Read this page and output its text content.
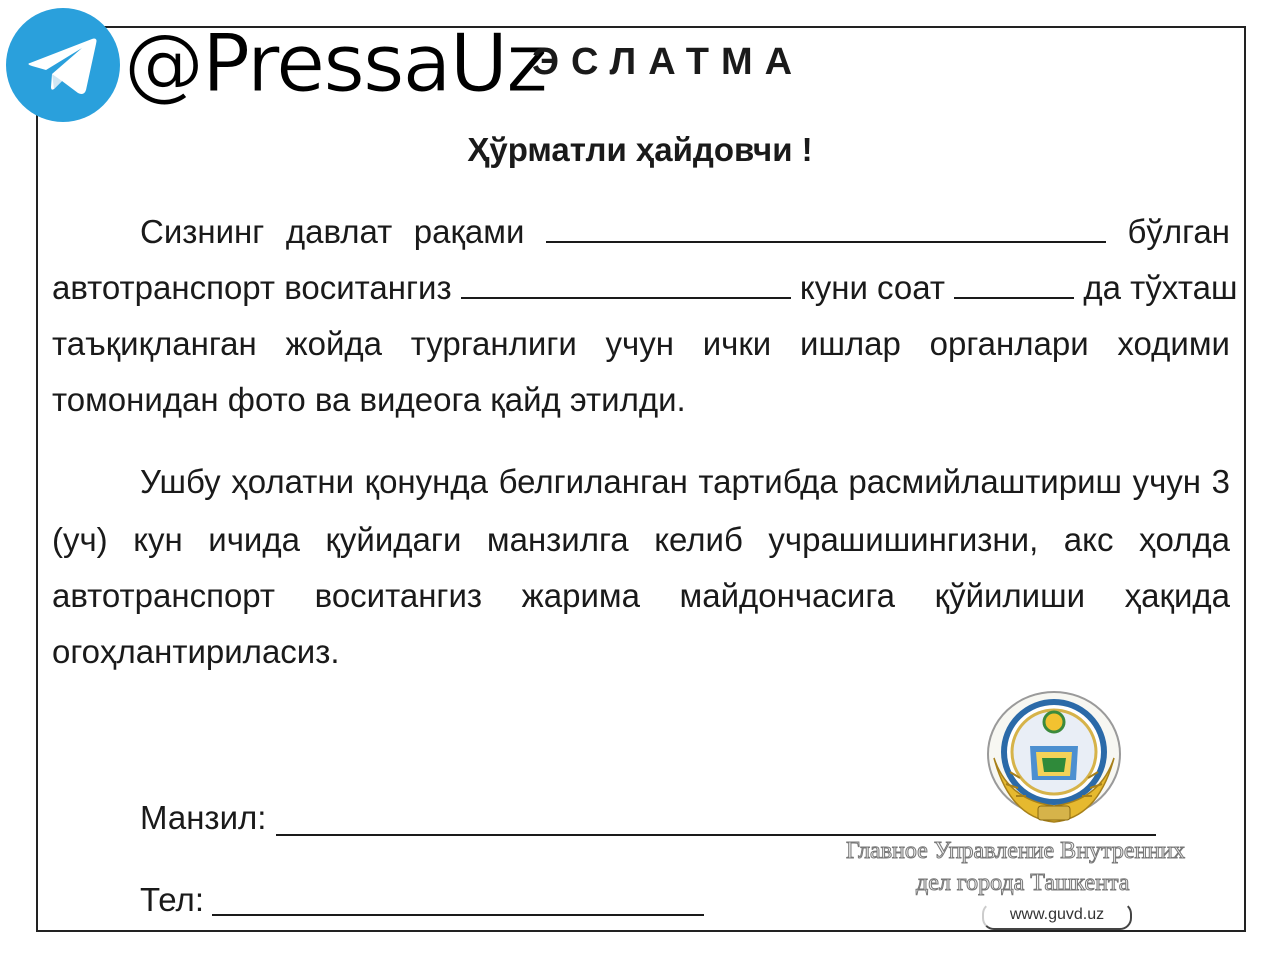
@PressaUz
ЭСЛАТМА
Ҳўрматли ҳайдовчи !
Сизнинг давлат рақами	бўлган
автотранспорт воситангиз	куни соат	да тўхташ
таъқиқланган жойда турганлиги учун ички ишлар органлари ходими
томонидан фото ва видеога қайд этилди.
Ушбу ҳолатни қонунда белгиланган тартибда расмийлаштириш учун 3
(уч) кун ичида қуйидаги манзилга келиб учрашишингизни, акс ҳолда
автотранспорт воситангиз жарима майдончасига қўйилиши ҳақида
огоҳлантириласиз.
Манзил:
Тел:
Главное Управление Внутренних
дел города Ташкента
www.guvd.uz
